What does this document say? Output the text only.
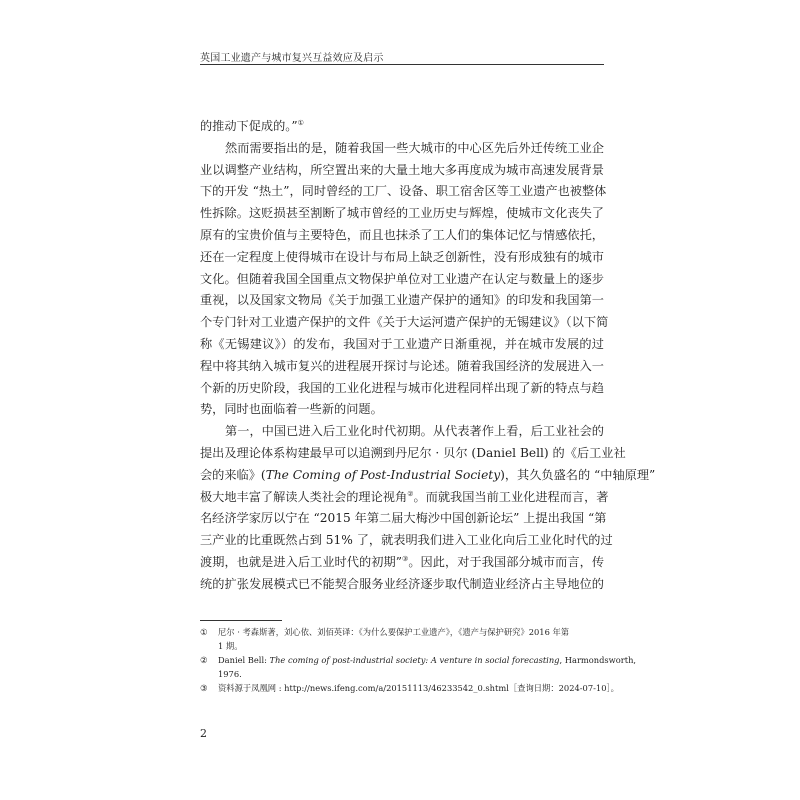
英国工业遗产与城市复兴互益效应及启示
的推动下促成的。”①
然而需要指出的是，随着我国一些大城市的中心区先后外迁传统工业企
业以调整产业结构，所空置出来的大量土地大多再度成为城市高速发展背景
下的开发 “热土”，同时曾经的工厂、设备、职工宿舍区等工业遗产也被整体
性拆除。这贬损甚至割断了城市曾经的工业历史与辉煌，使城市文化丧失了
原有的宝贵价值与主要特色，而且也抹杀了工人们的集体记忆与情感依托，
还在一定程度上使得城市在设计与布局上缺乏创新性，没有形成独有的城市
文化。但随着我国全国重点文物保护单位对工业遗产在认定与数量上的逐步
重视，以及国家文物局《关于加强工业遗产保护的通知》的印发和我国第一
个专门针对工业遗产保护的文件《关于大运河遗产保护的无锡建议》（以下简
称《无锡建议》）的发布，我国对于工业遗产日渐重视，并在城市发展的过
程中将其纳入城市复兴的进程展开探讨与论述。随着我国经济的发展进入一
个新的历史阶段，我国的工业化进程与城市化进程同样出现了新的特点与趋
势，同时也面临着一些新的问题。
第一，中国已进入后工业化时代初期。从代表著作上看，后工业社会的
提出及理论体系构建最早可以追溯到丹尼尔 · 贝尔 (Daniel Bell) 的《后工业社
会的来临》(The Coming of Post-Industrial Society)，其久负盛名的 “中轴原理”
极大地丰富了解读人类社会的理论视角②。而就我国当前工业化进程而言，著
名经济学家厉以宁在 “2015 年第二届大梅沙中国创新论坛” 上提出我国 “第
三产业的比重既然占到 51% 了，就表明我们进入工业化向后工业化时代的过
渡期，也就是进入后工业时代的初期”③。因此，对于我国部分城市而言，传
统的扩张发展模式已不能契合服务业经济逐步取代制造业经济占主导地位的
① 尼尔 · 考森斯著，刘心依、刘佰英译：《为什么要保护工业遗产》，《遗产与保护研究》2016 年第
1 期。
② Daniel Bell: The coming of post-industrial society: A venture in social forecasting, Harmondsworth,
1976.
③ 资料源于凤凰网 : http://news.ifeng.com/a/20151113/46233542_0.shtml［查询日期：2024-07-10］。
2
